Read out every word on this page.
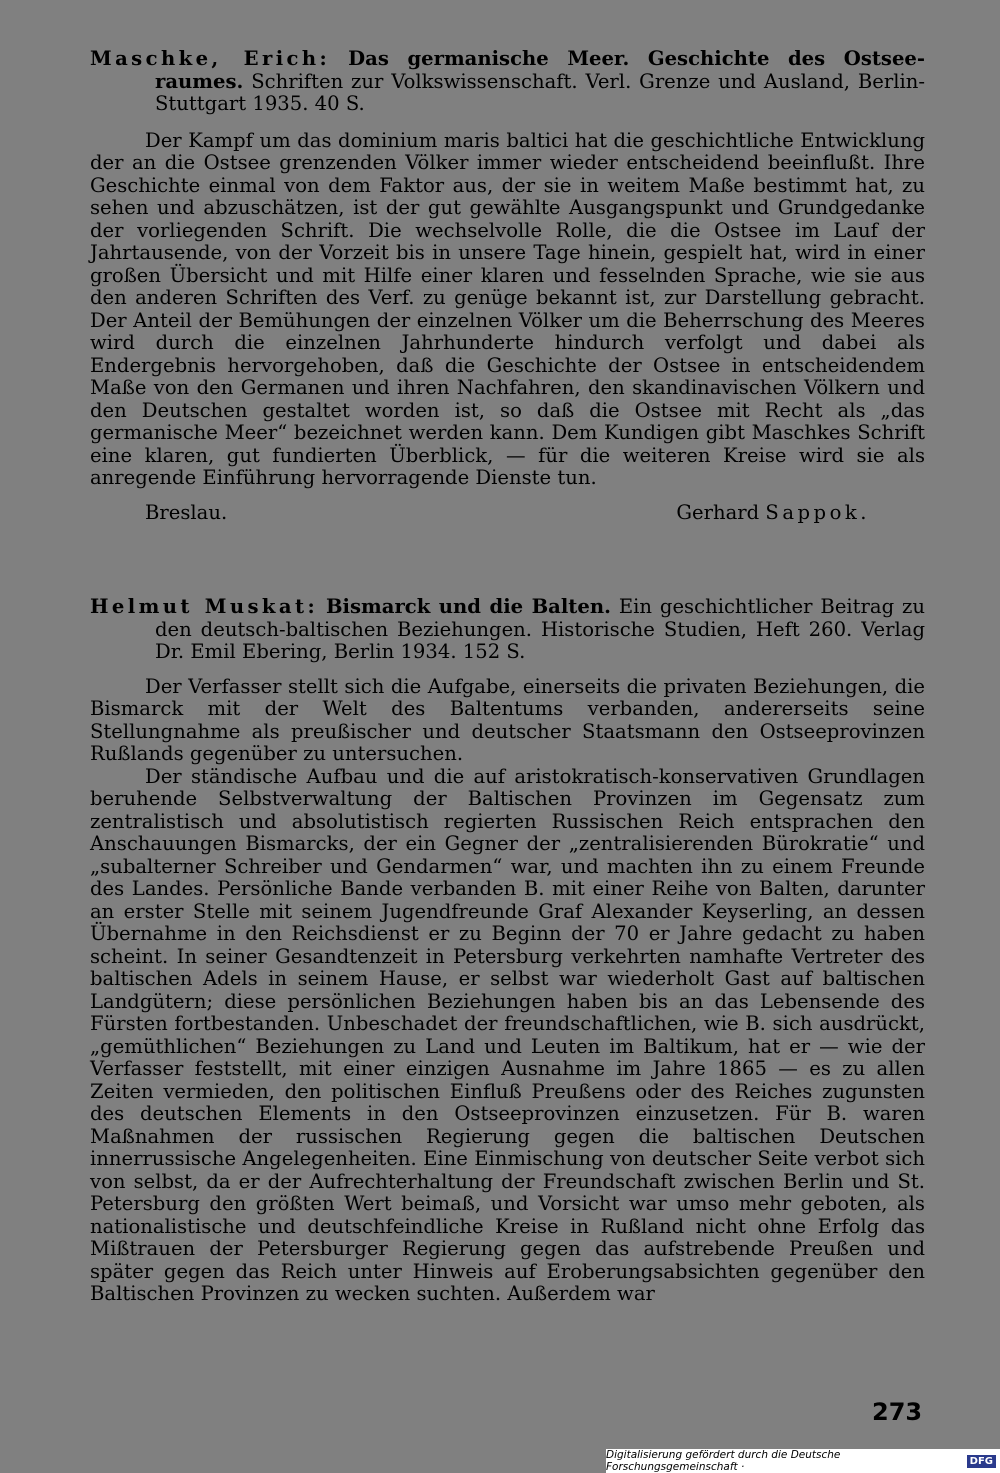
Maschke, Erich: Das germanische Meer. Geschichte des Ostsee-raumes. Schriften zur Volkswissenschaft. Verl. Grenze und Ausland, Berlin-Stuttgart 1935. 40 S.

Der Kampf um das dominium maris baltici hat die geschichtliche Entwicklung der an die Ostsee grenzenden Völker immer wieder entscheidend beeinflußt. Ihre Geschichte einmal von dem Faktor aus, der sie in weitem Maße bestimmt hat, zu sehen und abzuschätzen, ist der gut gewählte Ausgangspunkt und Grundgedanke der vorliegenden Schrift. Die wechselvolle Rolle, die die Ostsee im Lauf der Jahrtausende, von der Vorzeit bis in unsere Tage hinein, gespielt hat, wird in einer großen Übersicht und mit Hilfe einer klaren und fesselnden Sprache, wie sie aus den anderen Schriften des Verf. zu genüge bekannt ist, zur Darstellung gebracht. Der Anteil der Bemühungen der einzelnen Völker um die Beherrschung des Meeres wird durch die einzelnen Jahrhunderte hindurch verfolgt und dabei als Endergebnis hervorgehoben, daß die Geschichte der Ostsee in entscheidendem Maße von den Germanen und ihren Nachfahren, den skandinavischen Völkern und den Deutschen gestaltet worden ist, so daß die Ostsee mit Recht als „das germanische Meer“ bezeichnet werden kann. Dem Kundigen gibt Maschkes Schrift eine klaren, gut fundierten Überblick, — für die weiteren Kreise wird sie als anregende Einführung hervorragende Dienste tun.

Breslau.	Gerhard Sappok.

Helmut Muskat: Bismarck und die Balten. Ein geschichtlicher Beitrag zu den deutsch-baltischen Beziehungen. Historische Studien, Heft 260. Verlag Dr. Emil Ebering, Berlin 1934. 152 S.

Der Verfasser stellt sich die Aufgabe, einerseits die privaten Beziehungen, die Bismarck mit der Welt des Baltentums verbanden, andererseits seine Stellungnahme als preußischer und deutscher Staatsmann den Ostseeprovinzen Rußlands gegenüber zu untersuchen.

Der ständische Aufbau und die auf aristokratisch-konservativen Grundlagen beruhende Selbstverwaltung der Baltischen Provinzen im Gegensatz zum zentralistisch und absolutistisch regierten Russischen Reich entsprachen den Anschauungen Bismarcks, der ein Gegner der „zentralisierenden Bürokratie“ und „subalterner Schreiber und Gendarmen“ war, und machten ihn zu einem Freunde des Landes. Persönliche Bande verbanden B. mit einer Reihe von Balten, darunter an erster Stelle mit seinem Jugendfreunde Graf Alexander Keyserling, an dessen Übernahme in den Reichsdienst er zu Beginn der 70 er Jahre gedacht zu haben scheint. In seiner Gesandtenzeit in Petersburg verkehrten namhafte Vertreter des baltischen Adels in seinem Hause, er selbst war wiederholt Gast auf baltischen Landgütern; diese persönlichen Beziehungen haben bis an das Lebensende des Fürsten fortbestanden. Unbeschadet der freundschaftlichen, wie B. sich ausdrückt, „gemüthlichen“ Beziehungen zu Land und Leuten im Baltikum, hat er — wie der Verfasser feststellt, mit einer einzigen Ausnahme im Jahre 1865 — es zu allen Zeiten vermieden, den politischen Einfluß Preußens oder des Reiches zugunsten des deutschen Elements in den Ostseeprovinzen einzusetzen. Für B. waren Maßnahmen der russischen Regierung gegen die baltischen Deutschen innerrussische Angelegenheiten. Eine Einmischung von deutscher Seite verbot sich von selbst, da er der Aufrechterhaltung der Freundschaft zwischen Berlin und St. Petersburg den größten Wert beimaß, und Vorsicht war umso mehr geboten, als nationalistische und deutschfeindliche Kreise in Rußland nicht ohne Erfolg das Mißtrauen der Petersburger Regierung gegen das aufstrebende Preußen und später gegen das Reich unter Hinweis auf Eroberungsabsichten gegenüber den Baltischen Provinzen zu wecken suchten. Außerdem war

273
Digitalisierung gefördert durch die Deutsche Forschungsgemeinschaft ·	DFG
